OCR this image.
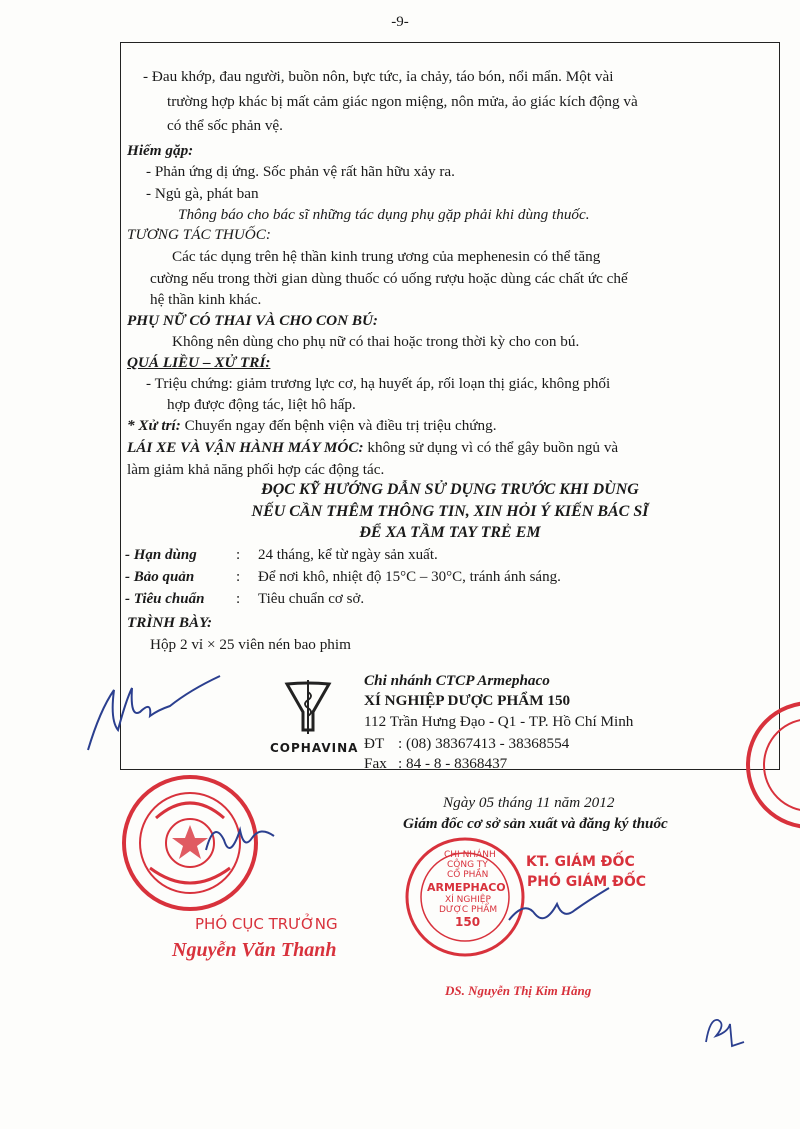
-9-
- Đau khớp, đau người, buồn nôn, bực tức, ỉa chảy, táo bón, nổi mẩn. Một vài
trường hợp khác bị mất cảm giác ngon miệng, nôn mửa, ảo giác kích động và
có thể sốc phản vệ.
Hiếm gặp:
- Phản ứng dị ứng. Sốc phản vệ rất hãn hữu xảy ra.
- Ngủ gà, phát ban
Thông báo cho bác sĩ những tác dụng phụ gặp phải khi dùng thuốc.
TƯƠNG TÁC THUỐC:
Các tác dụng trên hệ thần kinh trung ương của mephenesin có thể tăng
cường nếu trong thời gian dùng thuốc có uống rượu hoặc dùng các chất ức chế
hệ thần kinh khác.
PHỤ NỮ CÓ THAI VÀ CHO CON BÚ:
Không nên dùng cho phụ nữ có thai hoặc trong thời kỳ cho con bú.
QUÁ LIỀU – XỬ TRÍ:
- Triệu chứng: giảm trương lực cơ, hạ huyết áp, rối loạn thị giác, không phối
hợp được động tác, liệt hô hấp.
* Xử trí: Chuyển ngay đến bệnh viện và điều trị triệu chứng.
LÁI XE VÀ VẬN HÀNH MÁY MÓC: không sử dụng vì có thể gây buồn ngủ và
làm giảm khả năng phối hợp các động tác.
ĐỌC KỸ HƯỚNG DẪN SỬ DỤNG TRƯỚC KHI DÙNG
NẾU CẦN THÊM THÔNG TIN, XIN HỎI Ý KIẾN BÁC SĨ
ĐỂ XA TẦM TAY TRẺ EM
- Hạn dùng	: 24 tháng, kể từ ngày sản xuất.
- Bảo quản	: Để nơi khô, nhiệt độ 15°C – 30°C, tránh ánh sáng.
- Tiêu chuẩn : Tiêu chuẩn cơ sở.
TRÌNH BÀY:
Hộp 2 vỉ × 25 viên nén bao phim
COPHAVINA
Chi nhánh CTCP Armephaco
XÍ NGHIỆP DƯỢC PHẨM 150
112 Trần Hưng Đạo - Q1 - TP. Hồ Chí Minh
ĐT : (08) 38367413 - 38368554
Fax : 84 - 8 - 8368437
Ngày 05 tháng 11 năm 2012
Giám đốc cơ sở sản xuất và đăng ký thuốc
PHÓ CỤC TRƯỞNG
Nguyễn Văn Thanh
CHI NHÁNH
CÔNG TY
CỔ PHẦN
ARMEPHACO
XÍ NGHIỆP
DƯỢC PHẨM
150
KT. GIÁM ĐỐC
PHÓ GIÁM ĐỐC
DS. Nguyễn Thị Kim Hằng
